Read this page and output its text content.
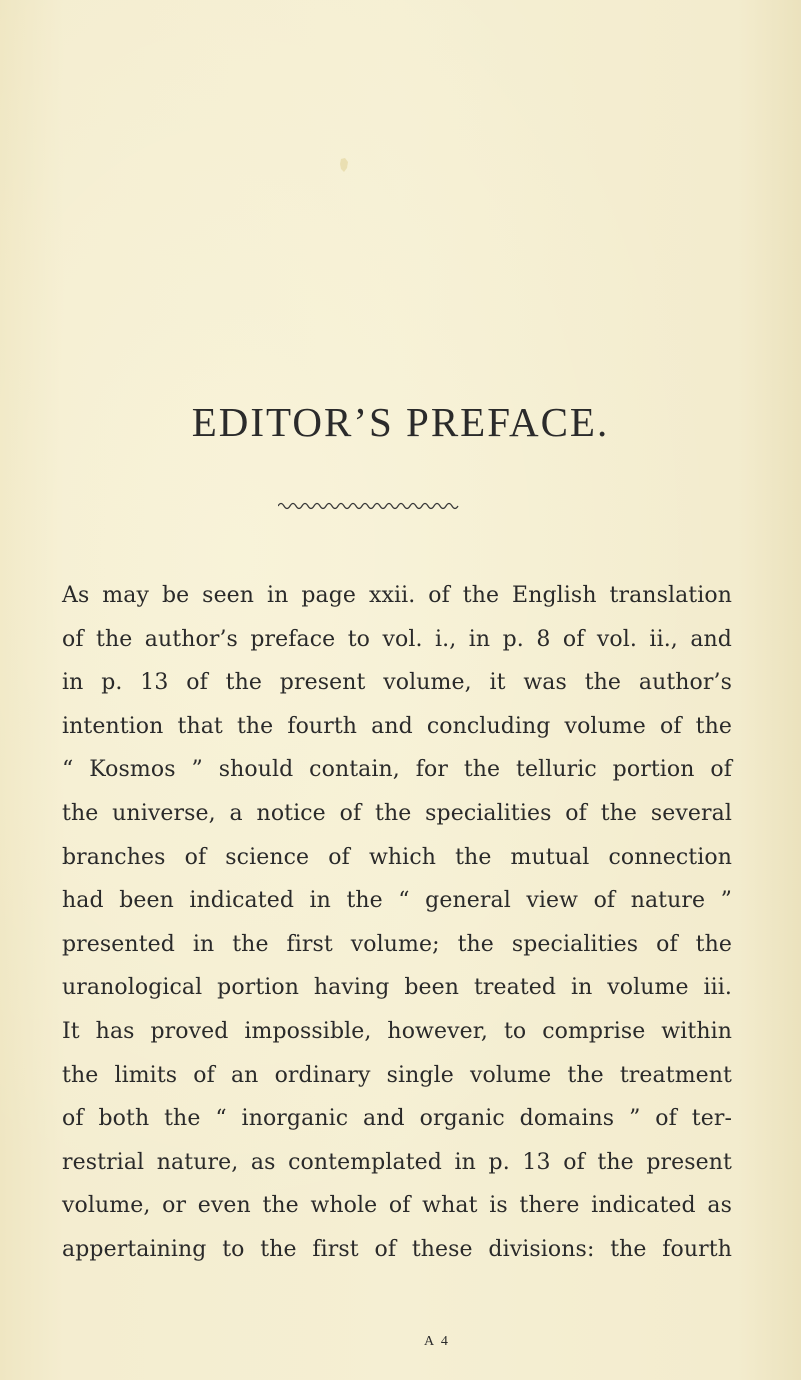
EDITOR’S PREFACE.
As may be seen in page xxii. of the English translation
of the author’s preface to vol. i., in p. 8 of vol. ii., and
in p. 13 of the present volume, it was the author’s
intention that the fourth and concluding volume of the
“ Kosmos ” should contain, for the telluric portion of
the universe, a notice of the specialities of the several
branches of science of which the mutual connection
had been indicated in the “ general view of nature ”
presented in the first volume; the specialities of the
uranological portion having been treated in volume iii.
It has proved impossible, however, to comprise within
the limits of an ordinary single volume the treatment
of both the “ inorganic and organic domains ” of ter-
restrial nature, as contemplated in p. 13 of the present
volume, or even the whole of what is there indicated as
appertaining to the first of these divisions: the fourth
A 4
